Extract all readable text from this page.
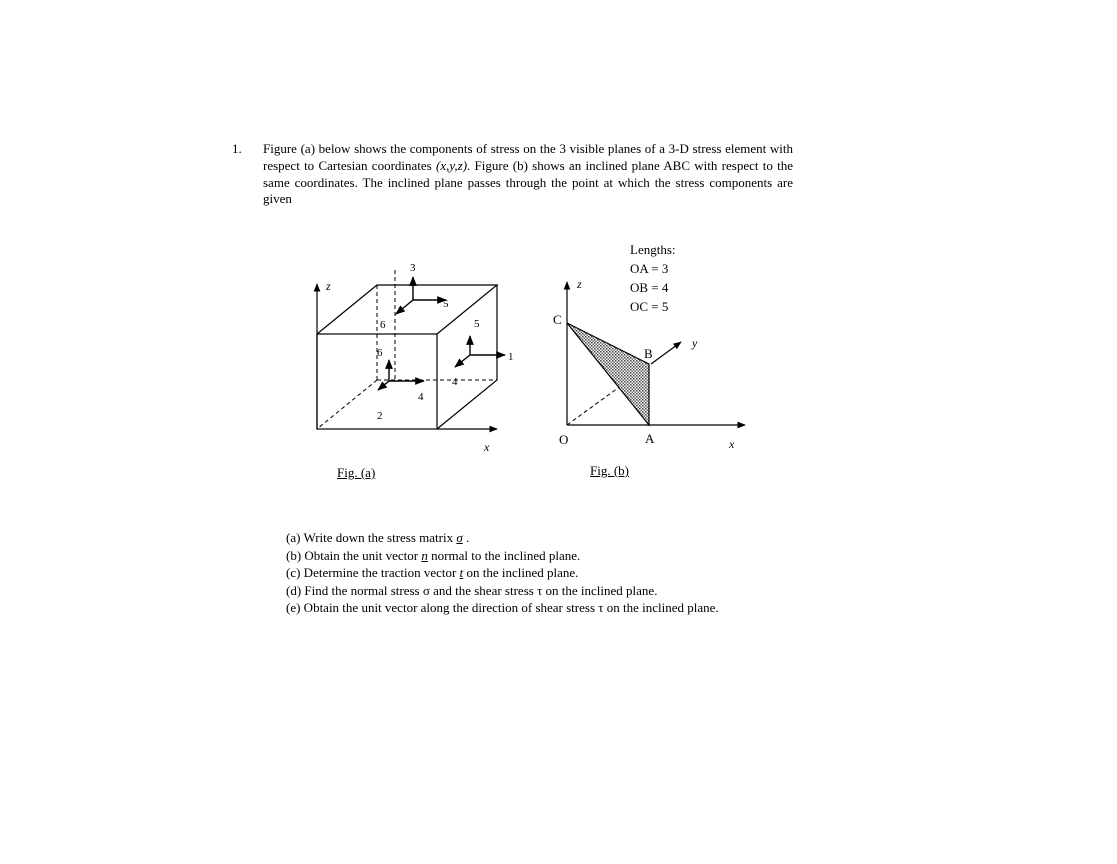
1. Figure (a) below shows the components of stress on the 3 visible planes of a 3-D stress element with respect to Cartesian coordinates (x,y,z). Figure (b) shows an inclined plane ABC with respect to the same coordinates. The inclined plane passes through the point at which the stress components are given
3
5
6	5
6	1
4
4
2
z
x
z
x
y
C
B
A
O
Lengths:
OA = 3
OB = 4
OC = 5
Fig. (a)	Fig. (b)
(a) Write down the stress matrix σ .
(b) Obtain the unit vector n normal to the inclined plane.
(c) Determine the traction vector t on the inclined plane.
(d) Find the normal stress σ and the shear stress τ on the inclined plane.
(e) Obtain the unit vector along the direction of shear stress τ on the inclined plane.
